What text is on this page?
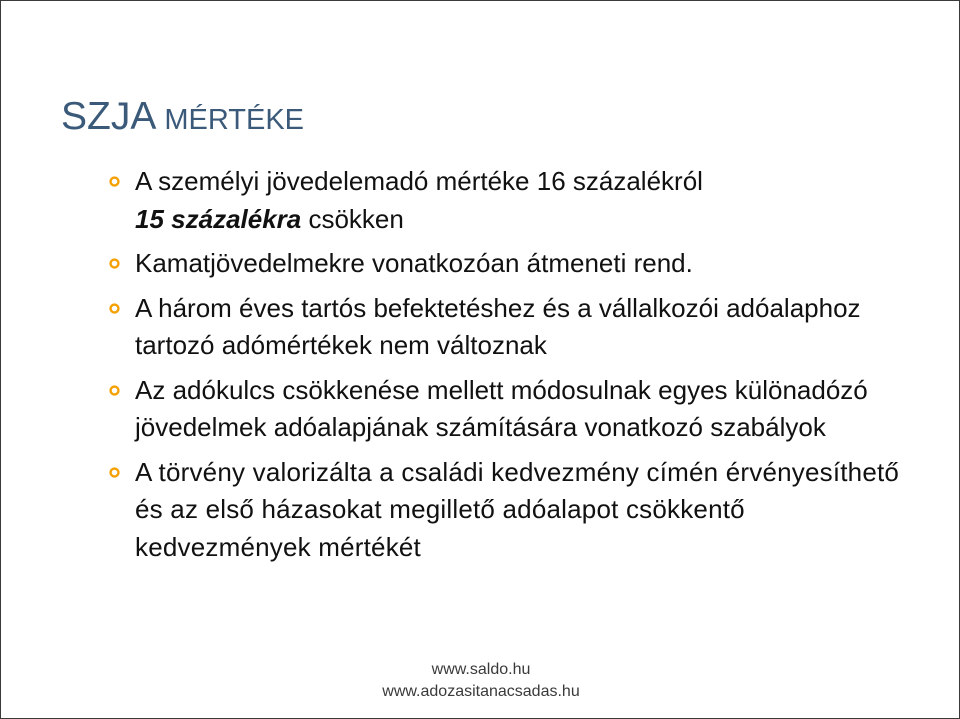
SZJA MÉRTÉKE
A személyi jövedelemadó mértéke 16 százalékról
15 százalékra csökken
Kamatjövedelmekre vonatkozóan átmeneti rend.
A három éves tartós befektetéshez és a vállalkozói adóalaphoz tartozó adómértékek nem változnak
Az adókulcs csökkenése mellett módosulnak egyes különadózó jövedelmek adóalapjának számítására vonatkozó szabályok
A törvény valorizálta a családi kedvezmény címén érvényesíthető és az első házasokat megillető adóalapot csökkentő kedvezmények mértékét
www.saldo.hu
www.adozasitanacsadas.hu
